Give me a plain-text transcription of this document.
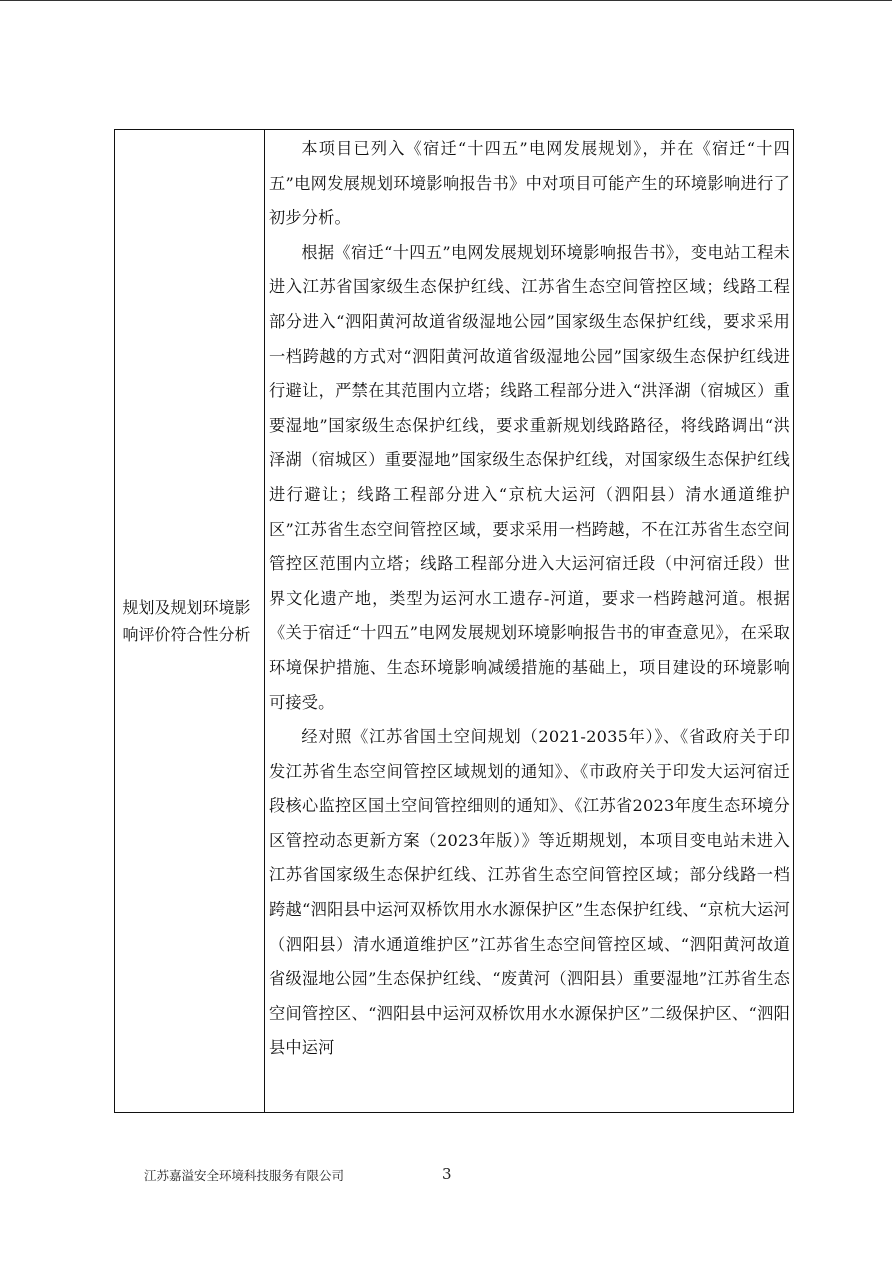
规划及规划环境影响评价符合性分析

本项目已列入《宿迁“十四五”电网发展规划》，并在《宿迁“十四五”电网发展规划环境影响报告书》中对项目可能产生的环境影响进行了初步分析。

根据《宿迁“十四五”电网发展规划环境影响报告书》，变电站工程未进入江苏省国家级生态保护红线、江苏省生态空间管控区域；线路工程部分进入“泗阳黄河故道省级湿地公园”国家级生态保护红线，要求采用一档跨越的方式对“泗阳黄河故道省级湿地公园”国家级生态保护红线进行避让，严禁在其范围内立塔；线路工程部分进入“洪泽湖（宿城区）重要湿地”国家级生态保护红线，要求重新规划线路路径，将线路调出“洪泽湖（宿城区）重要湿地”国家级生态保护红线，对国家级生态保护红线进行避让；线路工程部分进入“京杭大运河（泗阳县）清水通道维护区”江苏省生态空间管控区域，要求采用一档跨越，不在江苏省生态空间管控区范围内立塔；线路工程部分进入大运河宿迁段（中河宿迁段）世界文化遗产地，类型为运河水工遗存-河道，要求一档跨越河道。根据《关于宿迁“十四五”电网发展规划环境影响报告书的审查意见》，在采取环境保护措施、生态环境影响减缓措施的基础上，项目建设的环境影响可接受。

经对照《江苏省国土空间规划（2021-2035年）》、《省政府关于印发江苏省生态空间管控区域规划的通知》、《市政府关于印发大运河宿迁段核心监控区国土空间管控细则的通知》、《江苏省2023年度生态环境分区管控动态更新方案（2023年版）》等近期规划，本项目变电站未进入江苏省国家级生态保护红线、江苏省生态空间管控区域；部分线路一档跨越“泗阳县中运河双桥饮用水水源保护区”生态保护红线、“京杭大运河（泗阳县）清水通道维护区”江苏省生态空间管控区域、“泗阳黄河故道省级湿地公园”生态保护红线、“废黄河（泗阳县）重要湿地”江苏省生态空间管控区、“泗阳县中运河双桥饮用水水源保护区”二级保护区、“泗阳县中运河

江苏嘉溢安全环境科技服务有限公司	3
